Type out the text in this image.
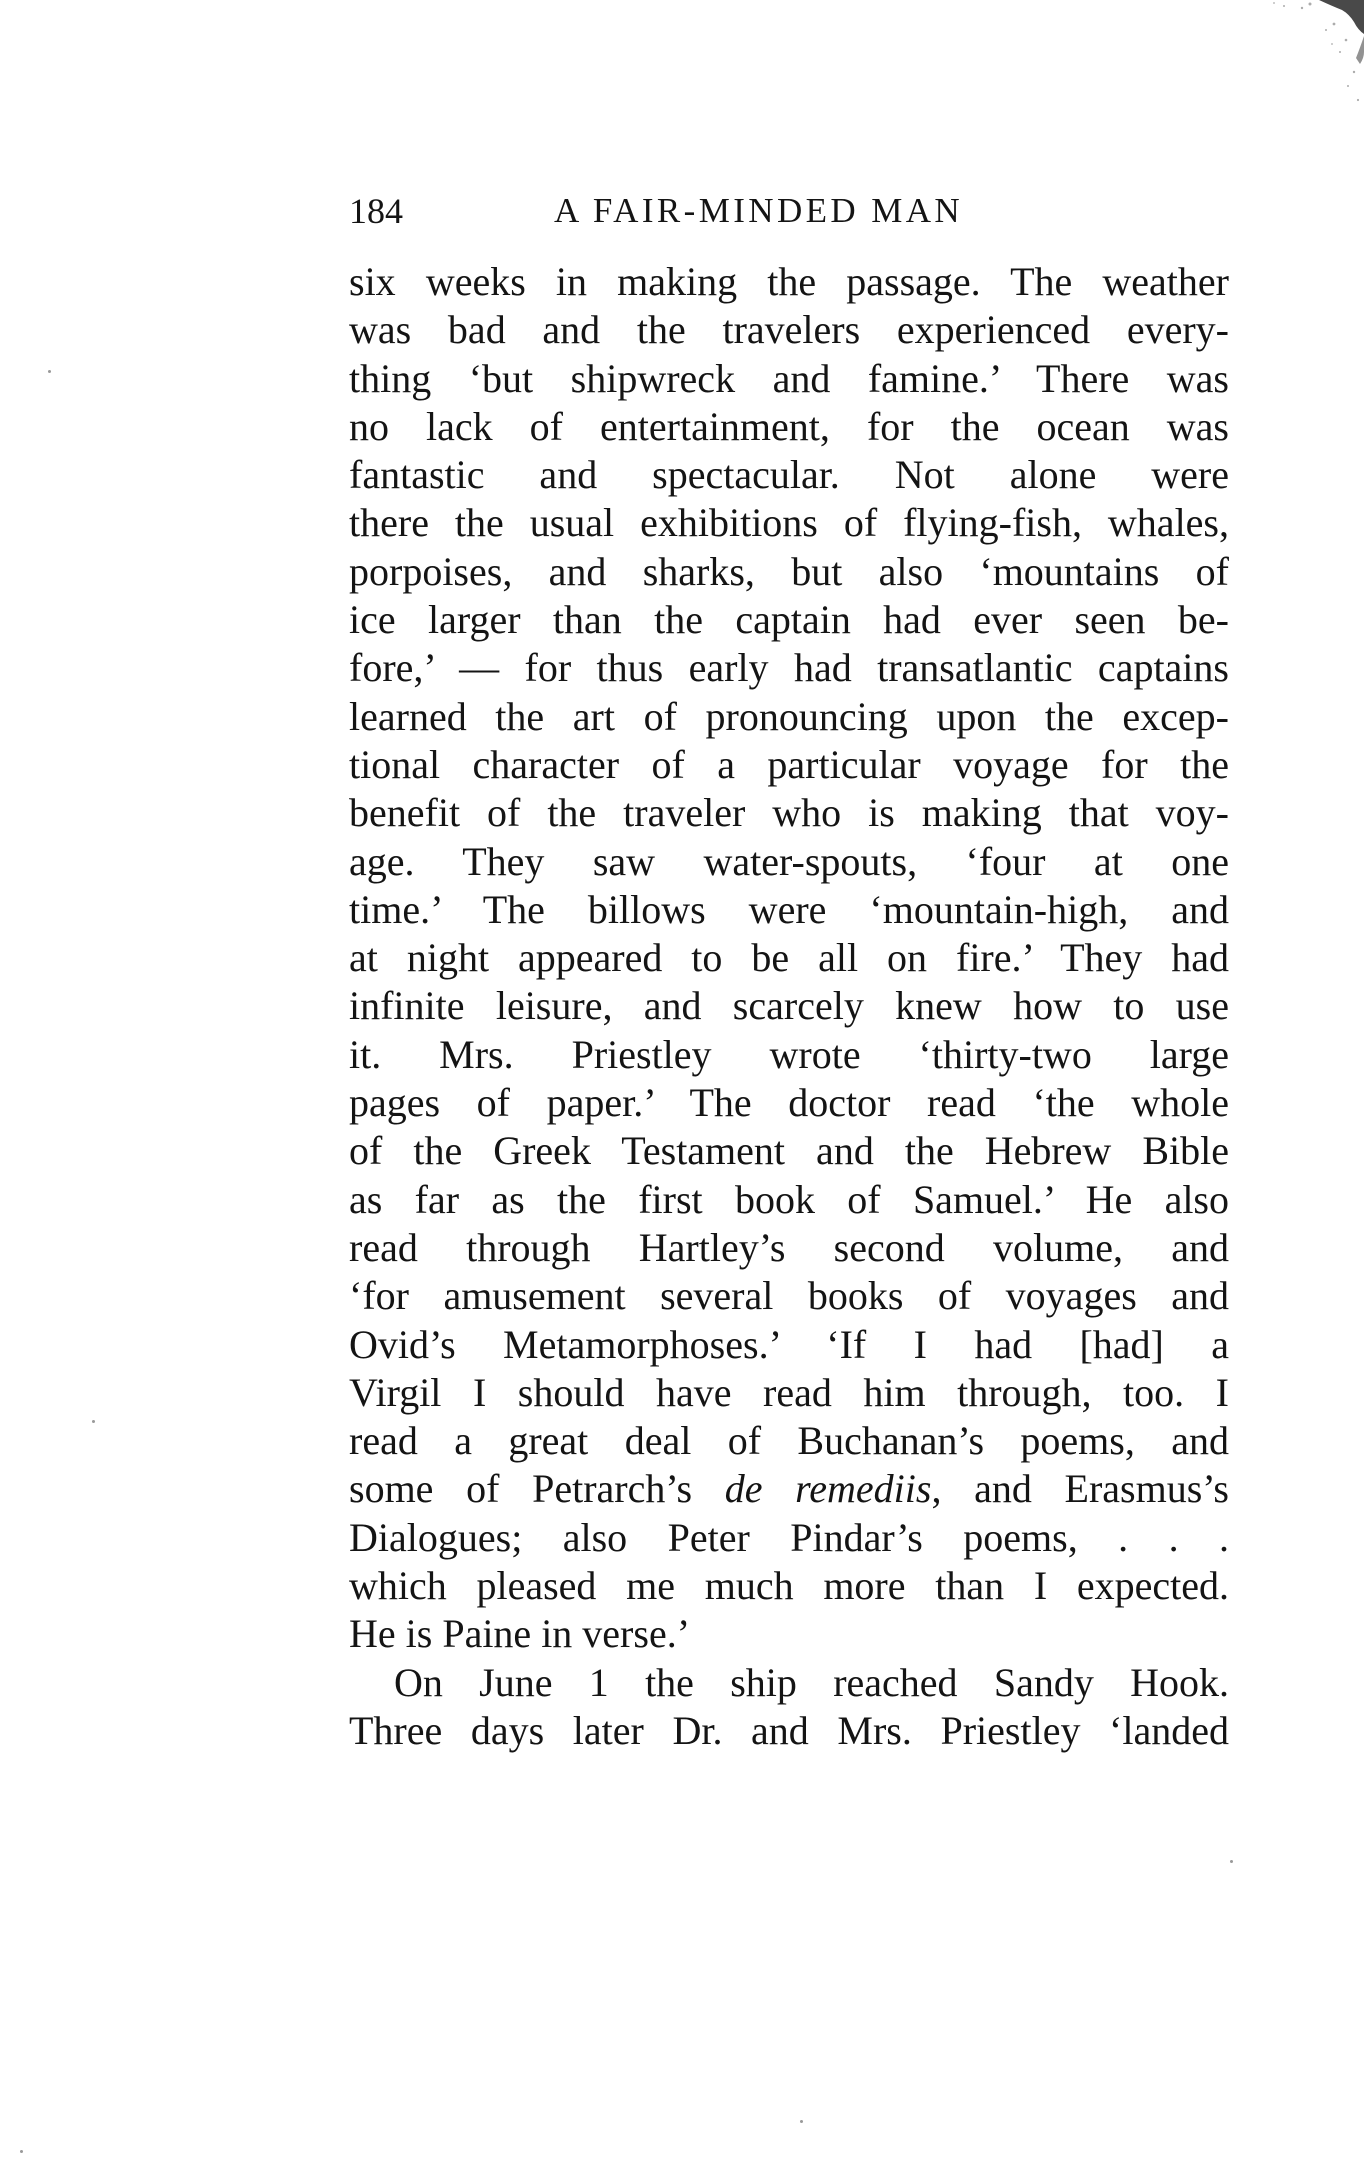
184	A FAIR-MINDED MAN
six weeks in making the passage. The weather
was bad and the travelers experienced every-
thing ‘but shipwreck and famine.’ There was
no lack of entertainment, for the ocean was
fantastic and spectacular. Not alone were
there the usual exhibitions of flying-fish, whales,
porpoises, and sharks, but also ‘mountains of
ice larger than the captain had ever seen be-
fore,’ — for thus early had transatlantic captains
learned the art of pronouncing upon the excep-
tional character of a particular voyage for the
benefit of the traveler who is making that voy-
age. They saw water-spouts, ‘four at one
time.’ The billows were ‘mountain-high, and
at night appeared to be all on fire.’ They had
infinite leisure, and scarcely knew how to use
it. Mrs. Priestley wrote ‘thirty-two large
pages of paper.’ The doctor read ‘the whole
of the Greek Testament and the Hebrew Bible
as far as the first book of Samuel.’ He also
read through Hartley’s second volume, and
‘for amusement several books of voyages and
Ovid’s Metamorphoses.’ ‘If I had [had] a
Virgil I should have read him through, too. I
read a great deal of Buchanan’s poems, and
some of Petrarch’s de remediis, and Erasmus’s
Dialogues; also Peter Pindar’s poems, . . .
which pleased me much more than I expected.
He is Paine in verse.’
On June 1 the ship reached Sandy Hook.
Three days later Dr. and Mrs. Priestley ‘landed
